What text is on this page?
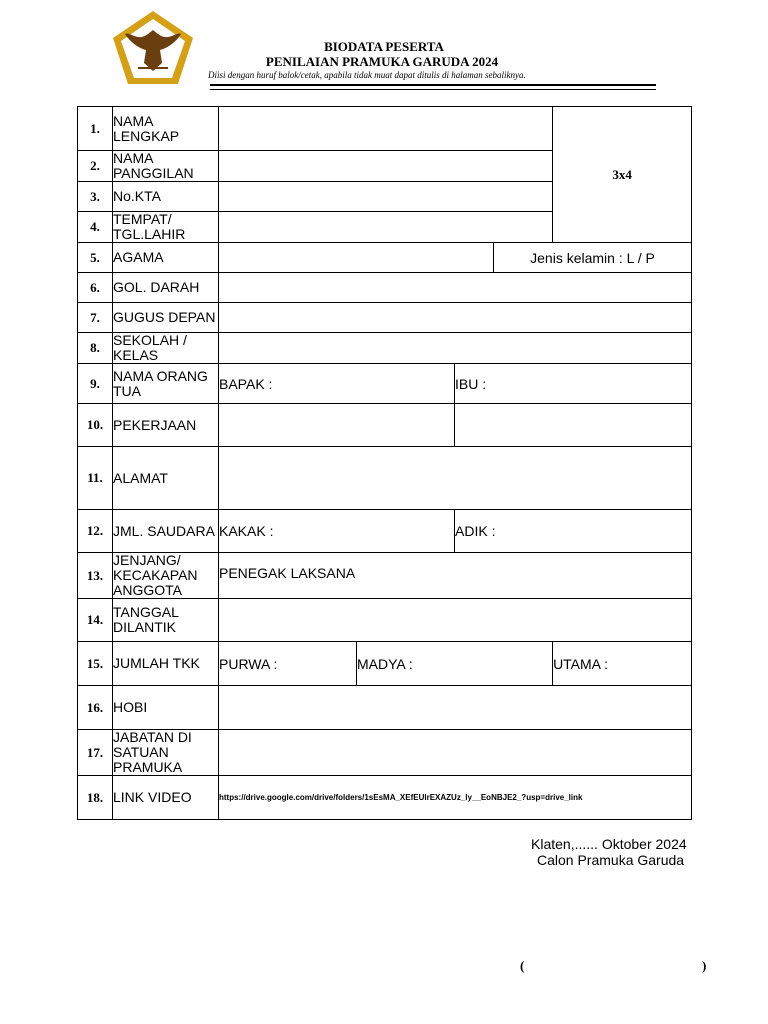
BIODATA PESERTA
PENILAIAN PRAMUKA GARUDA 2024
Diisi dengan huruf balok/cetak, apabila tidak muat dapat ditulis di halaman sebaliknya.
1.	NAMA LENGKAP					3x4
2.	NAMA PANGGILAN					
3.	No.KTA					
4.	TEMPAT/ TGL.LAHIR					
5.	AGAMA				Jenis kelamin : L / P	
6.	GOL. DARAH					
7.	GUGUS DEPAN					
8.	SEKOLAH / KELAS					
9.	NAMA ORANG TUA	BAPAK :		IBU :		
10.	PEKERJAAN					
11.	ALAMAT					
12.	JML. SAUDARA	KAKAK :		ADIK :		
13.	JENJANG/ KECAKAPAN ANGGOTA	PENEGAK LAKSANA				
14.	TANGGAL DILANTIK					
15.	JUMLAH TKK	PURWA :	MADYA :			UTAMA :
16.	HOBI					
17.	JABATAN DI SATUAN PRAMUKA					
18.	LINK VIDEO	https://drive.google.com/drive/folders/1sEsMA_XEfEUIrEXAZUz_ly__EoNBJE2_?usp=drive_link				
Klaten,...... Oktober 2024
Calon Pramuka Garuda
(	)
